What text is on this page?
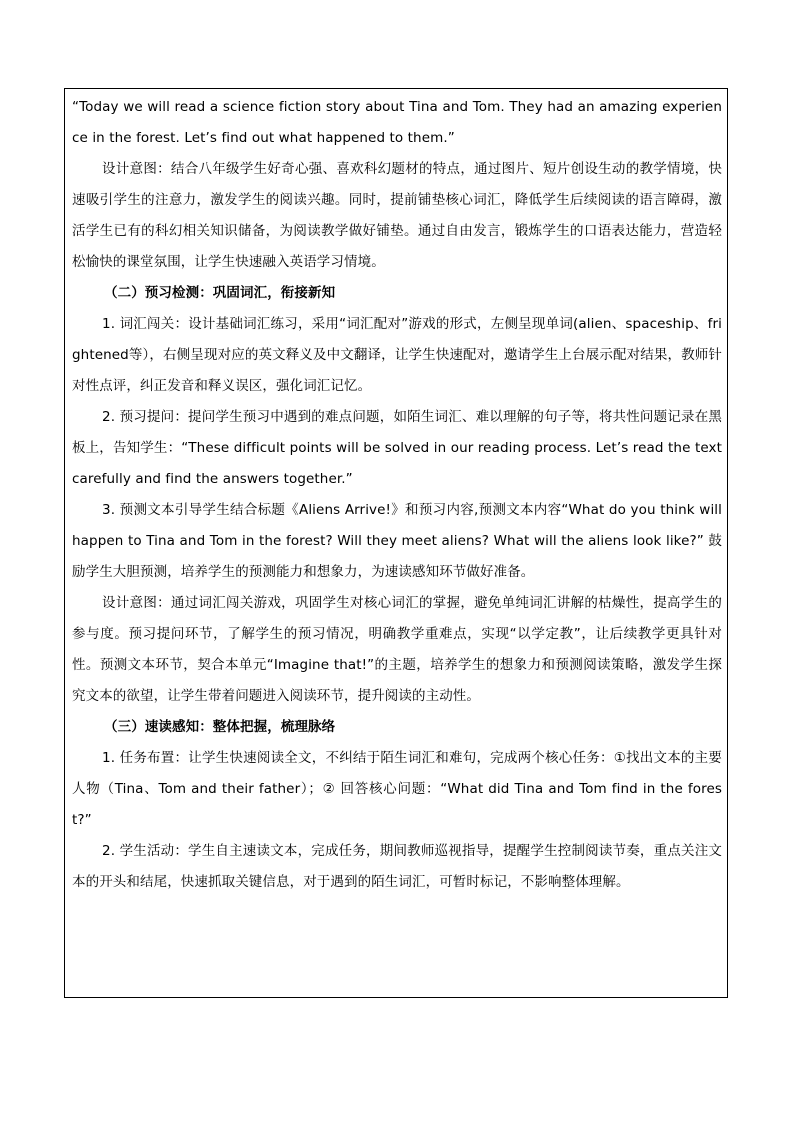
“Today we will read a science fiction story about Tina and Tom. They had an amazing experience in the forest. Let’s find out what happened to them.”

设计意图：结合八年级学生好奇心强、喜欢科幻题材的特点，通过图片、短片创设生动的教学情境，快速吸引学生的注意力，激发学生的阅读兴趣。同时，提前铺垫核心词汇，降低学生后续阅读的语言障碍，激活学生已有的科幻相关知识储备，为阅读教学做好铺垫。通过自由发言，锻炼学生的口语表达能力，营造轻松愉快的课堂氛围，让学生快速融入英语学习情境。

（二）预习检测：巩固词汇，衔接新知

1. 词汇闯关：设计基础词汇练习，采用“词汇配对”游戏的形式，左侧呈现单词(alien、spaceship、frightened等），右侧呈现对应的英文释义及中文翻译，让学生快速配对，邀请学生上台展示配对结果，教师针对性点评，纠正发音和释义误区，强化词汇记忆。

2. 预习提问：提问学生预习中遇到的难点问题，如陌生词汇、难以理解的句子等，将共性问题记录在黑板上，告知学生：“These difficult points will be solved in our reading process. Let’s read the text carefully and find the answers together.”

3. 预测文本引导学生结合标题《Aliens Arrive!》和预习内容,预测文本内容“What do you think will happen to Tina and Tom in the forest? Will they meet aliens? What will the aliens look like?” 鼓励学生大胆预测，培养学生的预测能力和想象力，为速读感知环节做好准备。

设计意图：通过词汇闯关游戏，巩固学生对核心词汇的掌握，避免单纯词汇讲解的枯燥性，提高学生的参与度。预习提问环节，了解学生的预习情况，明确教学重难点，实现“以学定教”，让后续教学更具针对性。预测文本环节，契合本单元“Imagine that!”的主题，培养学生的想象力和预测阅读策略，激发学生探究文本的欲望，让学生带着问题进入阅读环节，提升阅读的主动性。

（三）速读感知：整体把握，梳理脉络

1. 任务布置：让学生快速阅读全文，不纠结于陌生词汇和难句，完成两个核心任务：①找出文本的主要人物（Tina、Tom and their father）；② 回答核心问题：“What did Tina and Tom find in the forest?”

2. 学生活动：学生自主速读文本，完成任务，期间教师巡视指导，提醒学生控制阅读节奏，重点关注文本的开头和结尾，快速抓取关键信息，对于遇到的陌生词汇，可暂时标记，不影响整体理解。
